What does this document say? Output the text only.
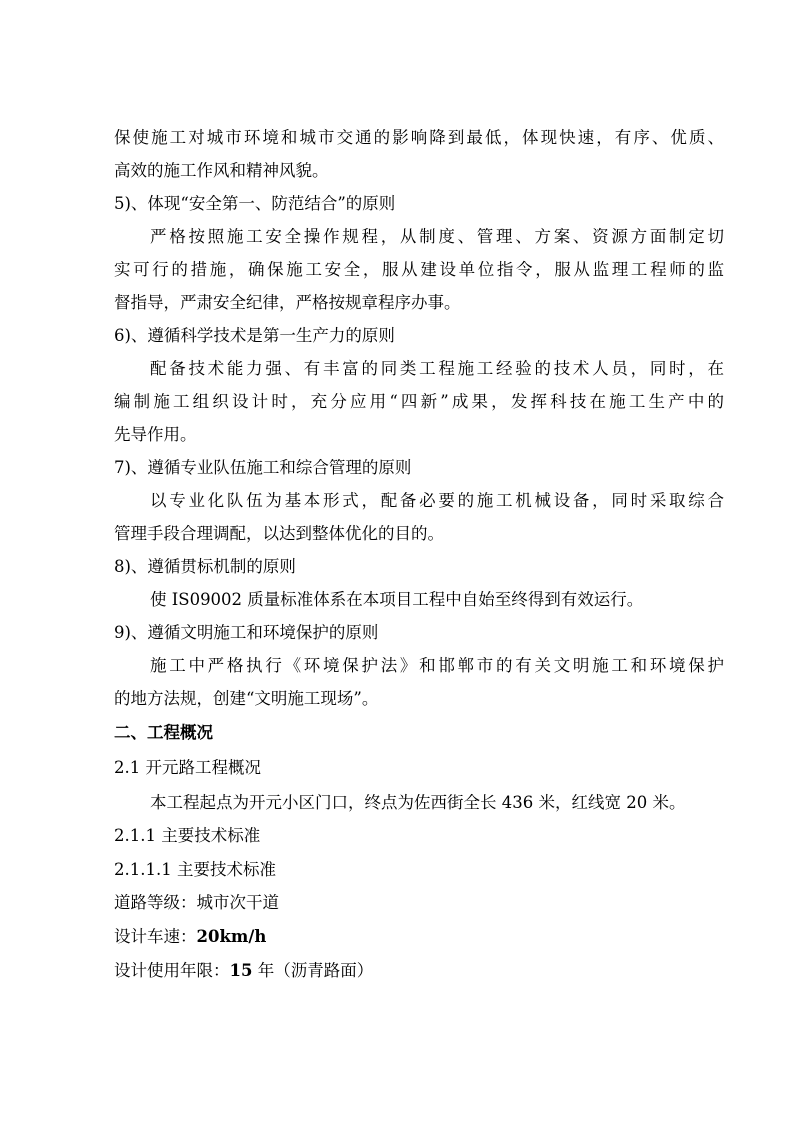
保使施工对城市环境和城市交通的影响降到最低，体现快速，有序、优质、
高效的施工作风和精神风貌。
5)、体现“安全第一、防范结合”的原则
严格按照施工安全操作规程，从制度、管理、方案、资源方面制定切
实可行的措施，确保施工安全，服从建设单位指令，服从监理工程师的监
督指导，严肃安全纪律，严格按规章程序办事。
6)、遵循科学技术是第一生产力的原则
配备技术能力强、有丰富的同类工程施工经验的技术人员，同时，在
编制施工组织设计时，充分应用“四新”成果，发挥科技在施工生产中的
先导作用。
7)、遵循专业队伍施工和综合管理的原则
以专业化队伍为基本形式，配备必要的施工机械设备，同时采取综合
管理手段合理调配，以达到整体优化的目的。
8)、遵循贯标机制的原则
使 IS09002 质量标准体系在本项目工程中自始至终得到有效运行。
9)、遵循文明施工和环境保护的原则
施工中严格执行《环境保护法》和邯郸市的有关文明施工和环境保护
的地方法规，创建“文明施工现场”。
二、工程概况
2.1 开元路工程概况
本工程起点为开元小区门口，终点为佐西街全长 436 米，红线宽 20 米。
2.1.1 主要技术标准
2.1.1.1 主要技术标准
道路等级：城市次干道
设计车速：20km/h
设计使用年限：15 年（沥青路面）
